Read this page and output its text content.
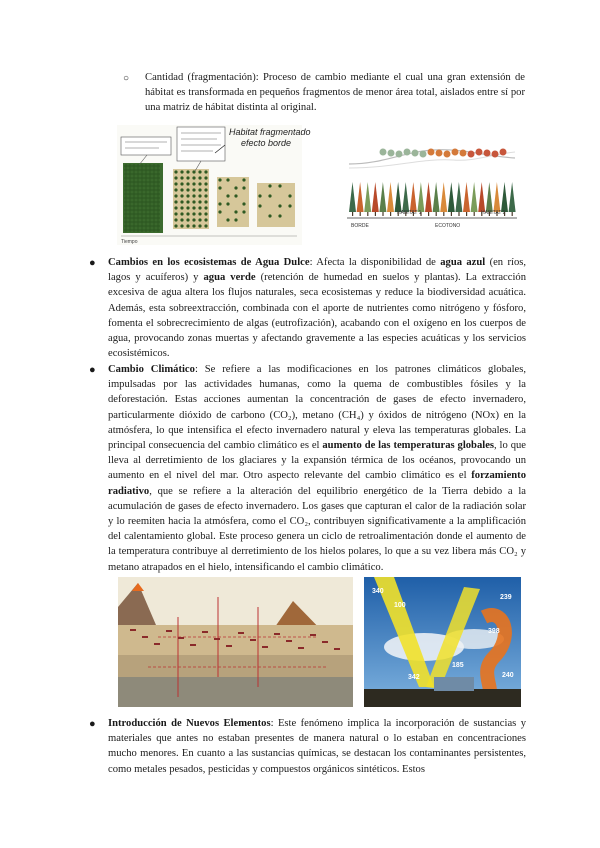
○ Cantidad (fragmentación): Proceso de cambio mediante el cual una gran extensión de hábitat es transformada en pequeños fragmentos de menor área total, aislados entre sí por una matriz de hábitat distinta al original.

Habitat fragmentado
efecto borde
Tiempo
BORDE
HABITAT 1
ECOTONO
HABITAT 2
● Cambios en los ecosistemas de Agua Dulce: Afecta la disponibilidad de agua azul (en ríos, lagos y acuíferos) y agua verde (retención de humedad en suelos y plantas). La extracción excesiva de agua altera los flujos naturales, seca ecosistemas y reduce la biodiversidad acuática. Además, esta sobreextracción, combinada con el aporte de nutrientes como nitrógeno y fósforo, fomenta el sobrecrecimiento de algas (eutrofización), acabando con el oxígeno en los cuerpos de agua, provocando zonas muertas y afectando gravemente a las especies acuáticas y los servicios ecosistémicos.

● Cambio Climático: Se refiere a las modificaciones en los patrones climáticos globales, impulsadas por las actividades humanas, como la quema de combustibles fósiles y la deforestación. Estas acciones aumentan la concentración de gases de efecto invernadero, particularmente dióxido de carbono (CO₂), metano (CH₄) y óxidos de nitrógeno (NOx) en la atmósfera, lo que intensifica el efecto invernadero natural y eleva las temperaturas globales. La principal consecuencia del cambio climático es el aumento de las temperaturas globales, lo que lleva al derretimiento de los glaciares y la expansión térmica de los océanos, provocando un aumento en el nivel del mar. Otro aspecto relevante del cambio climático es el forzamiento radiativo, que se refiere a la alteración del equilibrio energético de la Tierra debido a la acumulación de gases de efecto invernadero. Los gases que capturan el calor de la radiación solar y lo reemiten hacia la atmósfera, como el CO₂, contribuyen significativamente a la amplificación del calentamiento global. Este proceso genera un ciclo de retroalimentación donde el aumento de la temperatura contribuye al derretimiento de los hielos polares, lo que a su vez libera más CO₂ y metano atrapados en el hielo, intensificando el cambio climático.

340
100
239
398
342
185
240
● Introducción de Nuevos Elementos: Este fenómeno implica la incorporación de sustancias y materiales que antes no estaban presentes de manera natural o lo estaban en concentraciones mucho menores. En cuanto a las sustancias químicas, se destacan los contaminantes persistentes, como metales pesados, pesticidas y compuestos orgánicos sintéticos. Estos
